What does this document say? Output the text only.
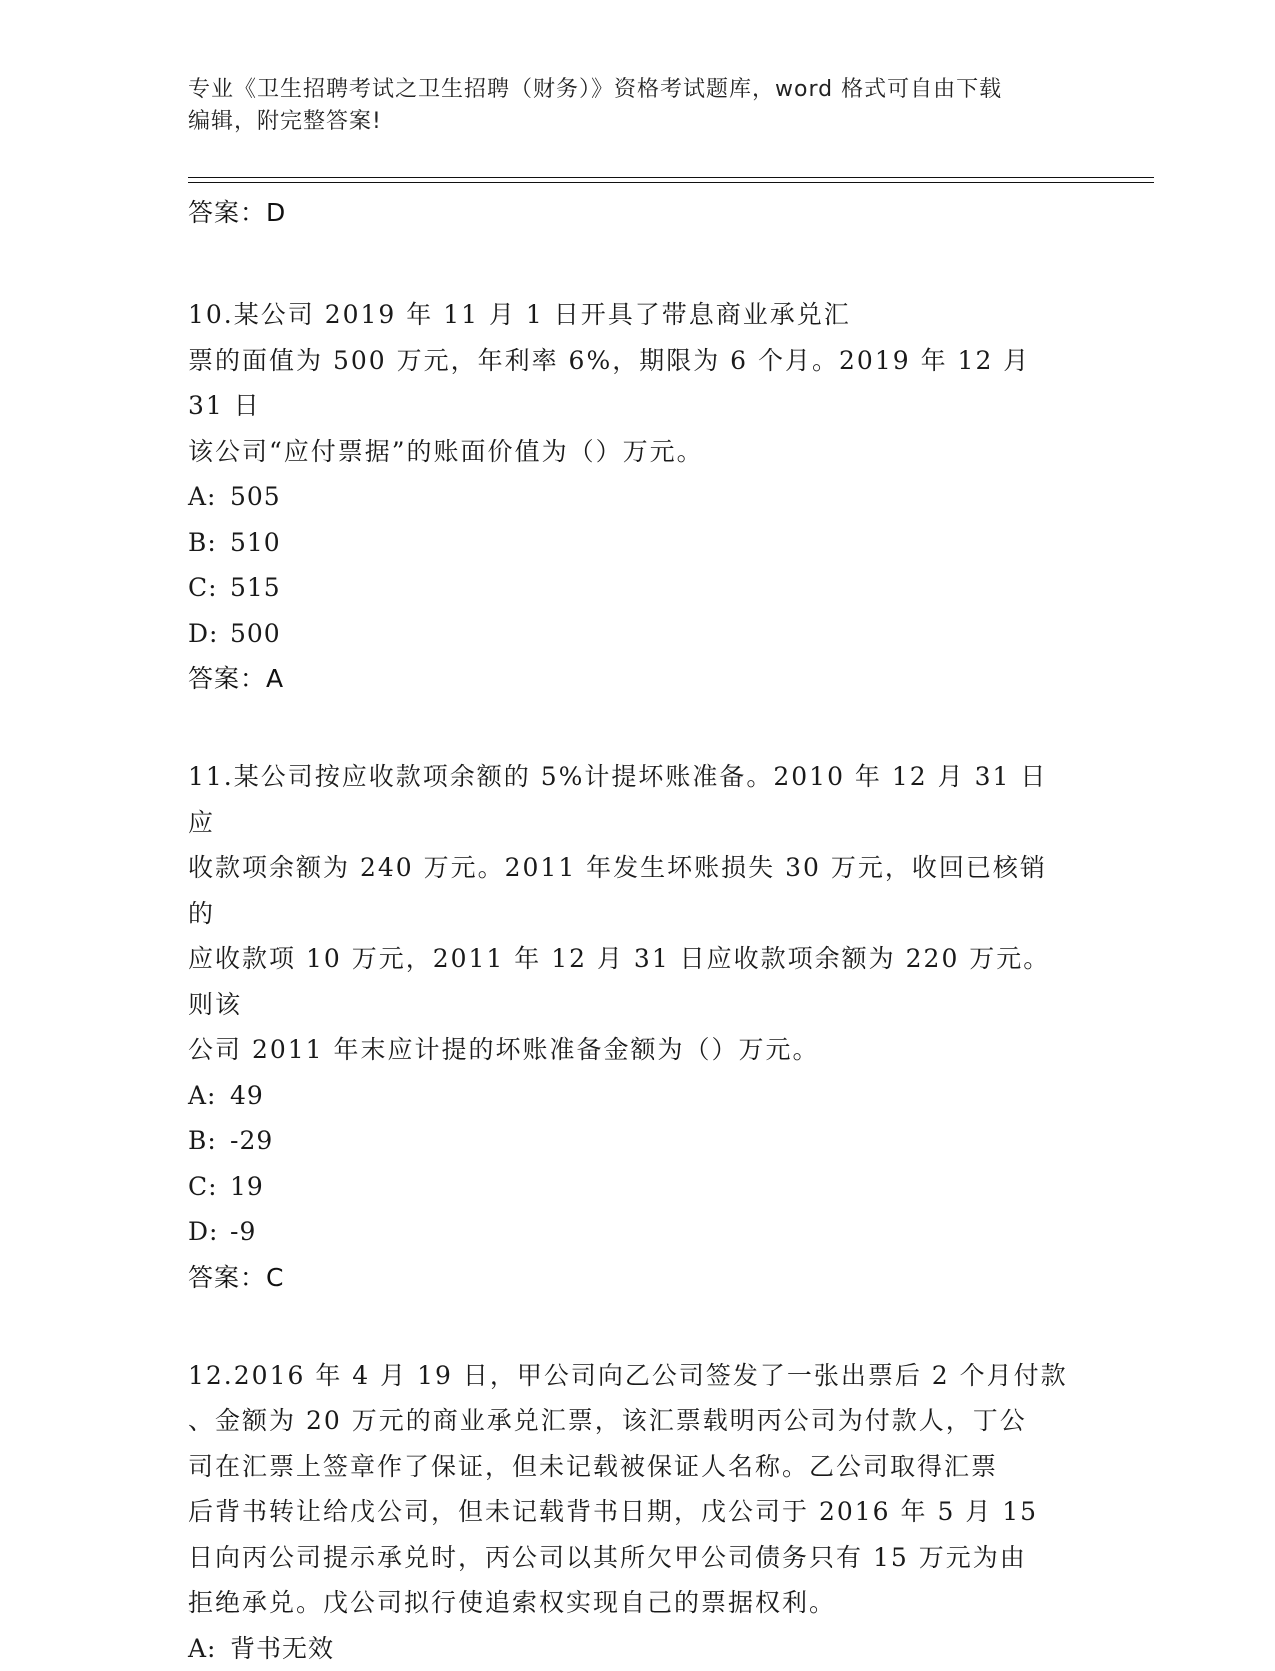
专业《卫生招聘考试之卫生招聘（财务）》资格考试题库，word 格式可自由下载
编辑，附完整答案!
答案：D
10.某公司 2019 年 11 月 1 日开具了带息商业承兑汇
票的面值为 500 万元，年利率 6%，期限为 6 个月。2019 年 12 月 31 日
该公司“应付票据”的账面价值为（）万元。
A: 505
B: 510
C: 515
D: 500
答案：A
11.某公司按应收款项余额的 5%计提坏账准备。2010 年 12 月 31 日应
收款项余额为 240 万元。2011 年发生坏账损失 30 万元，收回已核销的
应收款项 10 万元，2011 年 12 月 31 日应收款项余额为 220 万元。则该
公司 2011 年末应计提的坏账准备金额为（）万元。
A: 49
B: -29
C: 19
D: -9
答案：C
12.2016 年 4 月 19 日，甲公司向乙公司签发了一张出票后 2 个月付款
、金额为 20 万元的商业承兑汇票，该汇票载明丙公司为付款人，丁公
司在汇票上签章作了保证，但未记载被保证人名称。乙公司取得汇票
后背书转让给戊公司，但未记载背书日期，戊公司于 2016 年 5 月 15
日向丙公司提示承兑时，丙公司以其所欠甲公司债务只有 15 万元为由
拒绝承兑。戊公司拟行使追索权实现自己的票据权利。
A: 背书无效
